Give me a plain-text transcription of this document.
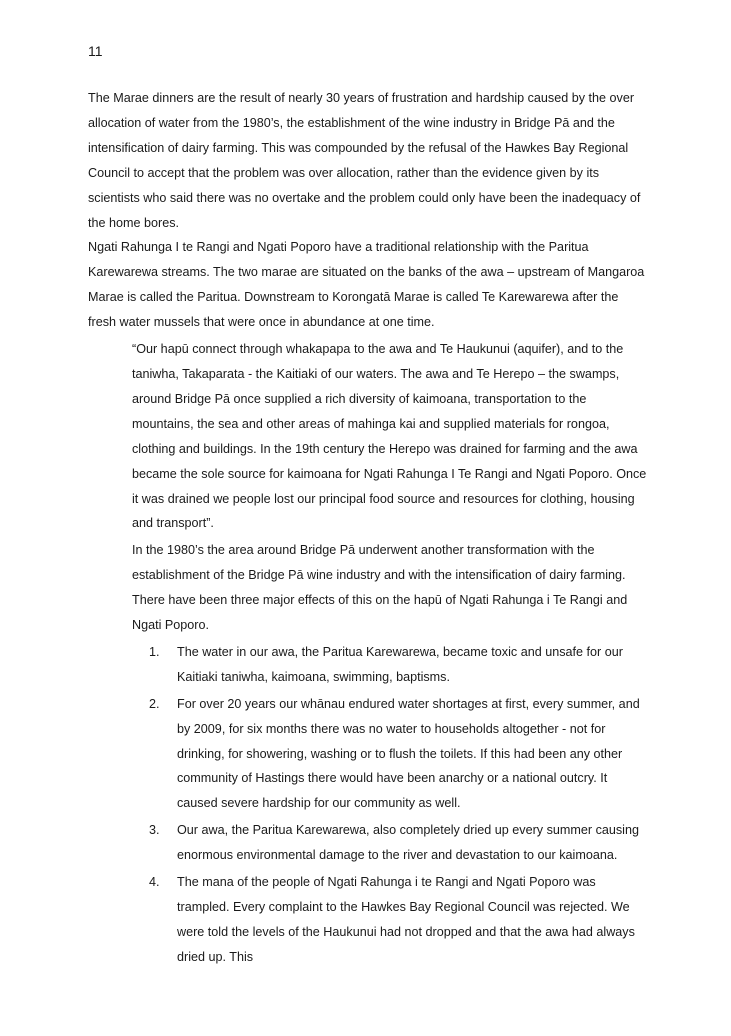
11

The Marae dinners are the result of nearly 30 years of frustration and hardship caused by the over allocation of water from the 1980’s, the establishment of the wine industry in Bridge Pā and the intensification of dairy farming. This was compounded by the refusal of the Hawkes Bay Regional Council to accept that the problem was over allocation, rather than the evidence given by its scientists who said there was no overtake and the problem could only have been the inadequacy of the home bores.

Ngati Rahunga I te Rangi and Ngati Poporo have a traditional relationship with the Paritua Karewarewa streams. The two marae are situated on the banks of the awa – upstream of Mangaroa Marae is called the Paritua. Downstream to Korongatā Marae is called Te Karewarewa after the fresh water mussels that were once in abundance at one time.

“Our hapū connect through whakapapa to the awa and Te Haukunui (aquifer), and to the taniwha, Takaparata - the Kaitiaki of our waters. The awa and Te Herepo – the swamps, around Bridge Pā once supplied a rich diversity of kaimoana, transportation to the mountains, the sea and other areas of mahinga kai and supplied materials for rongoa, clothing and buildings. In the 19th century the Herepo was drained for farming and the awa became the sole source for kaimoana for Ngati Rahunga I Te Rangi and Ngati Poporo. Once it was drained we people lost our principal food source and resources for clothing, housing and transport”.

In the 1980’s the area around Bridge Pā underwent another transformation with the establishment of the Bridge Pā wine industry and with the intensification of dairy farming. There have been three major effects of this on the hapū of Ngati Rahunga i Te Rangi and Ngati Poporo.

1. The water in our awa, the Paritua Karewarewa, became toxic and unsafe for our Kaitiaki taniwha, kaimoana, swimming, baptisms.
2. For over 20 years our whānau endured water shortages at first, every summer, and by 2009, for six months there was no water to households altogether - not for drinking, for showering, washing or to flush the toilets. If this had been any other community of Hastings there would have been anarchy or a national outcry. It caused severe hardship for our community as well.
3. Our awa, the Paritua Karewarewa, also completely dried up every summer causing enormous environmental damage to the river and devastation to our kaimoana.
4. The mana of the people of Ngati Rahunga i te Rangi and Ngati Poporo was trampled. Every complaint to the Hawkes Bay Regional Council was rejected. We were told the levels of the Haukunui had not dropped and that the awa had always dried up. This
